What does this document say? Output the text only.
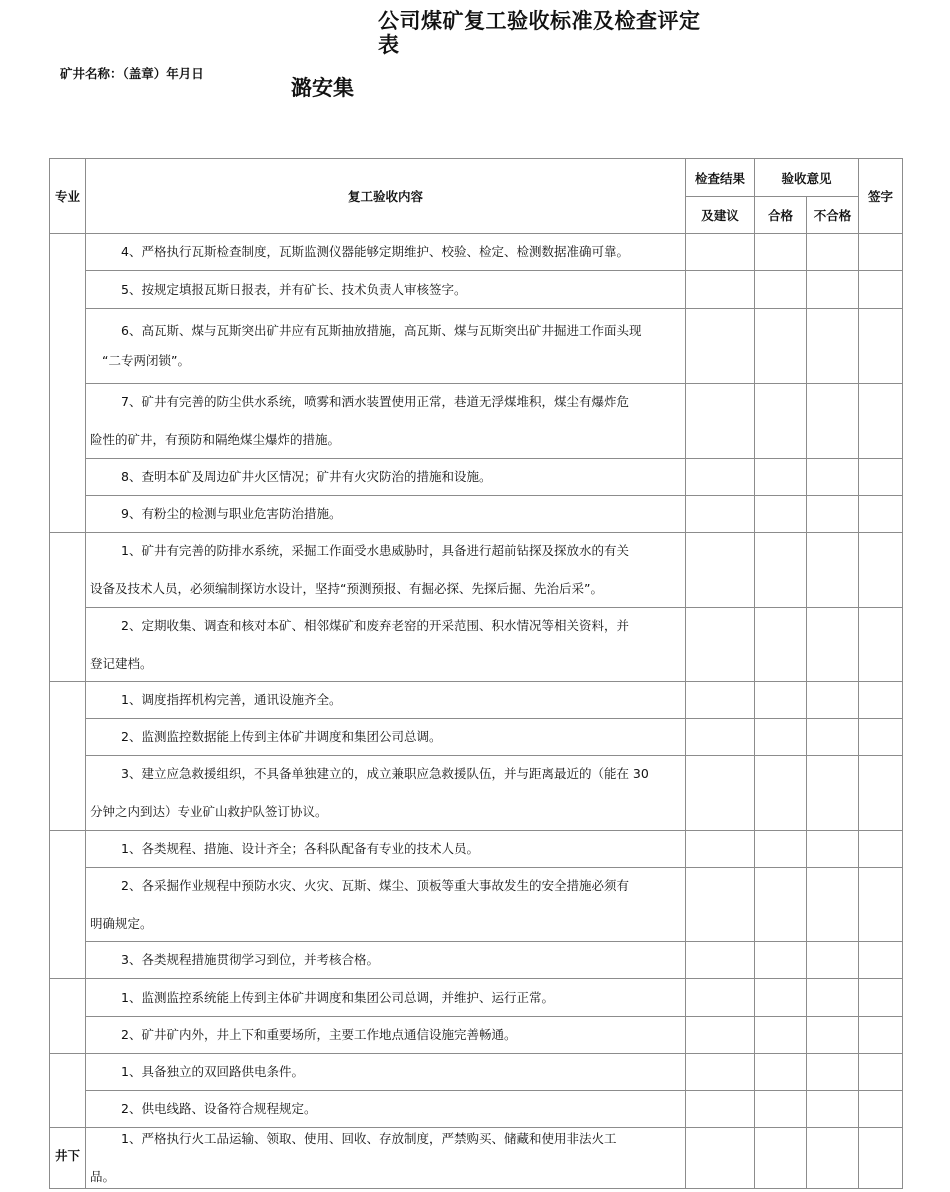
公司煤矿复工验收标准及检查评定表
矿井名称：（盖章）年月日
潞安集
专业	复工验收内容	检查结果	验收意见		签字
		及建议	合格	不合格	

	4、严格执行瓦斯检查制度，瓦斯监测仪器能够定期维护、校验、检定、检测数据准确可靠。				

	5、按规定填报瓦斯日报表，并有矿长、技术负责人审核签字。				

	6、高瓦斯、煤与瓦斯突出矿井应有瓦斯抽放措施，高瓦斯、煤与瓦斯突出矿井掘进工作面头现
“二专两闭锁”。				

	7、矿井有完善的防尘供水系统，喷雾和洒水装置使用正常，巷道无浮煤堆积，煤尘有爆炸危
险性的矿井，有预防和隔绝煤尘爆炸的措施。				

	8、查明本矿及周边矿井火区情况；矿井有火灾防治的措施和设施。				

	9、有粉尘的检测与职业危害防治措施。				

	1、矿井有完善的防排水系统，采掘工作面受水患威胁时，具备进行超前钻探及探放水的有关
设备及技术人员，必须编制探访水设计，坚持“预测预报、有掘必探、先探后掘、先治后采”。				

	2、定期收集、调查和核对本矿、相邻煤矿和废弃老窑的开采范围、积水情况等相关资料，并
登记建档。				

	1、调度指挥机构完善，通讯设施齐全。				

	2、监测监控数据能上传到主体矿井调度和集团公司总调。				

	3、建立应急救援组织，不具备单独建立的，成立兼职应急救援队伍，并与距离最近的（能在 30
分钟之内到达）专业矿山救护队签订协议。				

	1、各类规程、措施、设计齐全；各科队配备有专业的技术人员。				

	2、各采掘作业规程中预防水灾、火灾、瓦斯、煤尘、顶板等重大事故发生的安全措施必须有
明确规定。				

	3、各类规程措施贯彻学习到位，并考核合格。				

	1、监测监控系统能上传到主体矿井调度和集团公司总调，并维护、运行正常。				

	2、矿井矿内外，井上下和重要场所，主要工作地点通信设施完善畅通。				

	1、具备独立的双回路供电条件。				

	2、供电线路、设备符合规程规定。				

井下	1、严格执行火工品运输、领取、使用、回收、存放制度，严禁购买、储藏和使用非法火工
品。				
